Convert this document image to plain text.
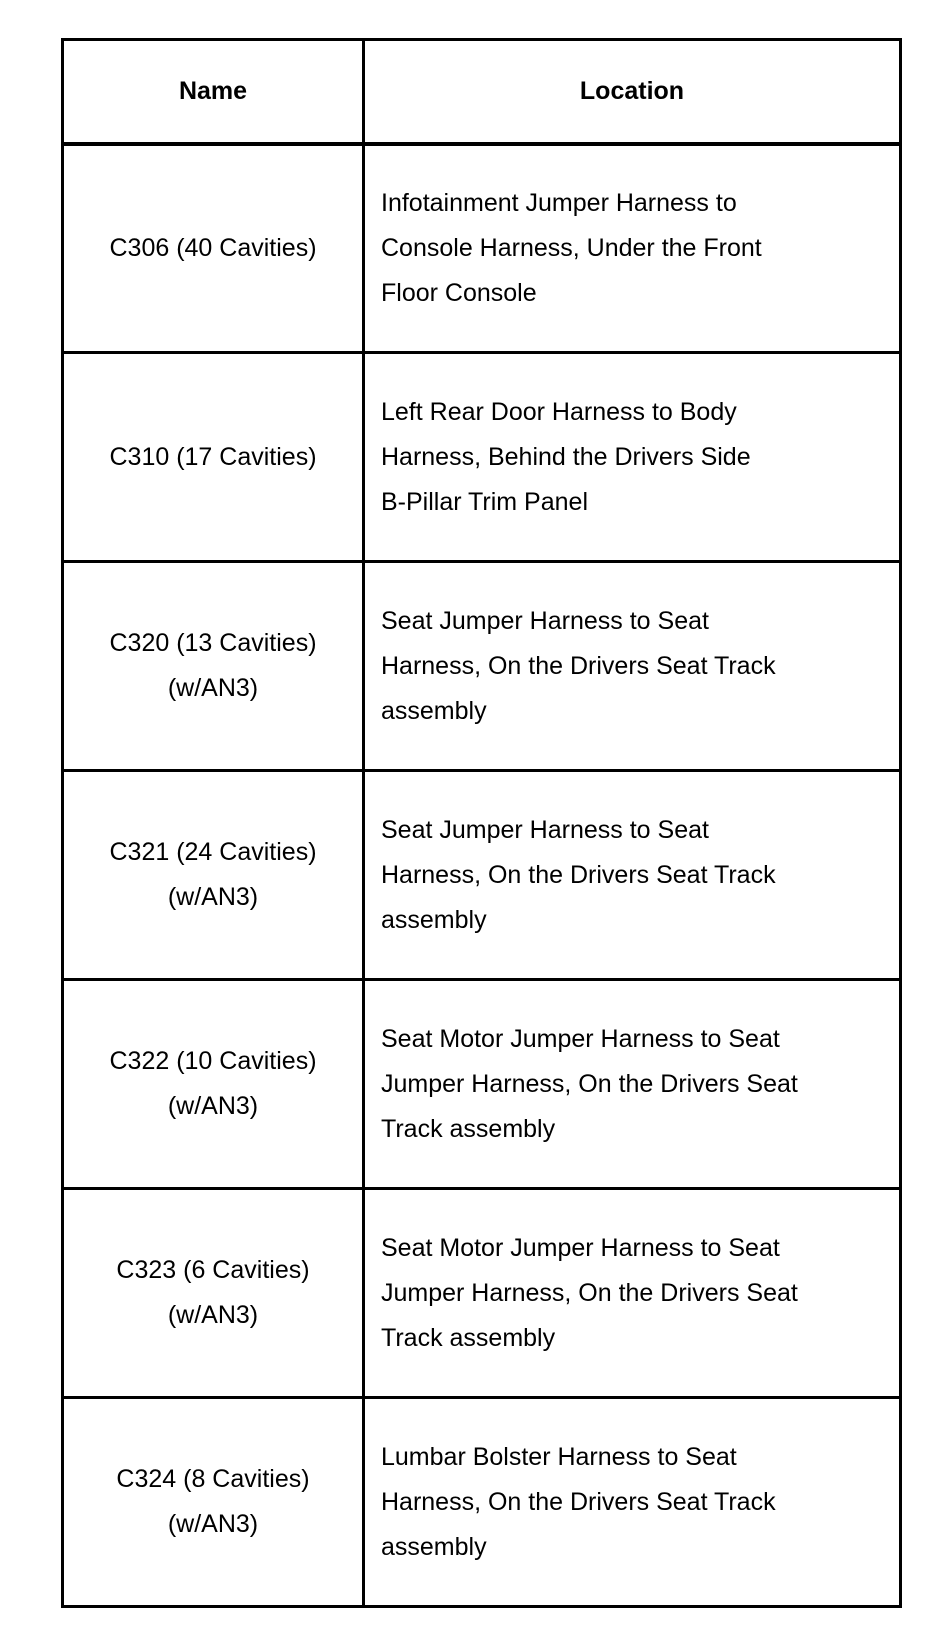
Name	Location

C306 (40 Cavities)	Infotainment Jumper Harness to
Console Harness, Under the Front
Floor Console

C310 (17 Cavities)	Left Rear Door Harness to Body
Harness, Behind the Drivers Side
B-Pillar Trim Panel

C320 (13 Cavities)
(w/AN3)	Seat Jumper Harness to Seat
Harness, On the Drivers Seat Track
assembly

C321 (24 Cavities)
(w/AN3)	Seat Jumper Harness to Seat
Harness, On the Drivers Seat Track
assembly

C322 (10 Cavities)
(w/AN3)	Seat Motor Jumper Harness to Seat
Jumper Harness, On the Drivers Seat
Track assembly

C323 (6 Cavities)
(w/AN3)	Seat Motor Jumper Harness to Seat
Jumper Harness, On the Drivers Seat
Track assembly

C324 (8 Cavities)
(w/AN3)	Lumbar Bolster Harness to Seat
Harness, On the Drivers Seat Track
assembly
